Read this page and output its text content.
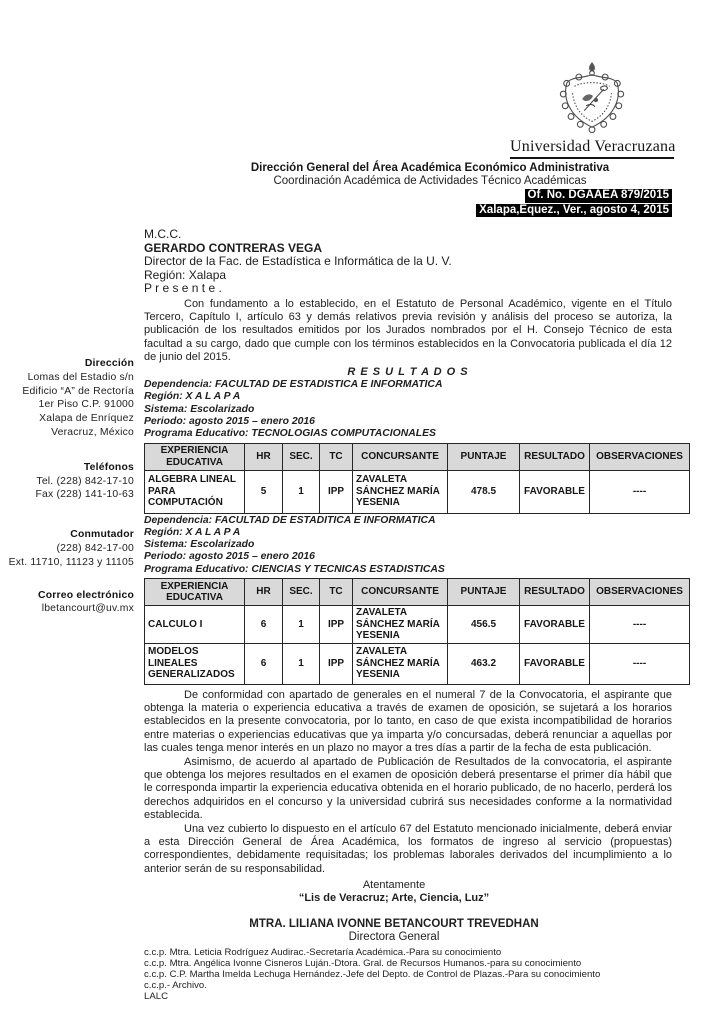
Universidad Veracruzana
Dirección General del Área Académica Económico Administrativa
Coordinación Académica de Actividades Técnico Académicas
Of. No. DGAAEA 879/2015
Xalapa,Equez., Ver., agosto 4, 2015
Dirección
Lomas del Estadio s/n
Edificio “A” de Rectoría
1er Piso C.P. 91000
Xalapa de Enríquez
Veracruz, México
Teléfonos
Tel. (228) 842-17-10
Fax (228) 141-10-63
Conmutador
(228) 842-17-00
Ext. 11710, 11123 y 11105
Correo electrónico
lbetancourt@uv.mx
M.C.C.
GERARDO CONTRERAS VEGA
Director de la Fac. de Estadística e Informática de la U. V.
Región: Xalapa
P r e s e n t e .

Con fundamento a lo establecido, en el Estatuto de Personal Académico, vigente en el Título Tercero, Capítulo I, artículo 63 y demás relativos previa revisión y análisis del proceso se autoriza, la publicación de los resultados emitidos por los Jurados nombrados por el H. Consejo Técnico de esta facultad a su cargo, dado que cumple con los términos establecidos en la Convocatoria publicada el día 12 de junio del 2015.

R E S U L T A D O S
Dependencia: FACULTAD DE ESTADISTICA E INFORMATICA
Región: X A L A P A
Sistema: Escolarizado
Periodo: agosto 2015 – enero 2016
Programa Educativo: TECNOLOGIAS COMPUTACIONALES
EXPERIENCIA EDUCATIVA	HR	SEC.	TC	CONCURSANTE	PUNTAJE	RESULTADO	OBSERVACIONES
ALGEBRA LINEAL PARA COMPUTACIÓN	5	1	IPP	ZAVALETA SÁNCHEZ MARÍA YESENIA	478.5	FAVORABLE	----
Dependencia: FACULTAD DE ESTADITICA E INFORMATICA
Región: X A L A P A
Sistema: Escolarizado
Periodo: agosto 2015 – enero 2016
Programa Educativo: CIENCIAS Y TECNICAS ESTADISTICAS
EXPERIENCIA EDUCATIVA	HR	SEC.	TC	CONCURSANTE	PUNTAJE	RESULTADO	OBSERVACIONES
CALCULO I	6	1	IPP	ZAVALETA SÁNCHEZ MARÍA YESENIA	456.5	FAVORABLE	----
MODELOS LINEALES GENERALIZADOS	6	1	IPP	ZAVALETA SÁNCHEZ MARÍA YESENIA	463.2	FAVORABLE	----

De conformidad con apartado de generales en el numeral 7 de la Convocatoria, el aspirante que obtenga la materia o experiencia educativa a través de examen de oposición, se sujetará a los horarios establecidos en la presente convocatoria, por lo tanto, en caso de que exista incompatibilidad de horarios entre materias o experiencias educativas que ya imparta y/o concursadas, deberá renunciar a aquellas por las cuales tenga menor interés en un plazo no mayor a tres días a partir de la fecha de esta publicación.

Asimismo, de acuerdo al apartado de Publicación de Resultados de la convocatoria, el aspirante que obtenga los mejores resultados en el examen de oposición deberá presentarse el primer día hábil que le corresponda impartir la experiencia educativa obtenida en el horario publicado, de no hacerlo, perderá los derechos adquiridos en el concurso y la universidad cubrirá sus necesidades conforme a la normatividad establecida.

Una vez cubierto lo dispuesto en el artículo 67 del Estatuto mencionado inicialmente, deberá enviar a esta Dirección General de Área Académica, los formatos de ingreso al servicio (propuestas) correspondientes, debidamente requisitadas; los problemas laborales derivados del incumplimiento a lo anterior serán de su responsabilidad.

Atentamente
“Lis de Veracruz; Arte, Ciencia, Luz”
MTRA. LILIANA IVONNE BETANCOURT TREVEDHAN
Directora General
c.c.p. Mtra. Leticia Rodríguez Audirac.-Secretaría Académica.-Para su conocimiento
c.c.p. Mtra. Angélica Ivonne Cisneros Luján.-Dtora. Gral. de Recursos Humanos.-para su conocimiento
c.c.p. C.P. Martha Imelda Lechuga Hernández.-Jefe del Depto. de Control de Plazas.-Para su conocimiento
c.c.p.- Archivo.
LALC
